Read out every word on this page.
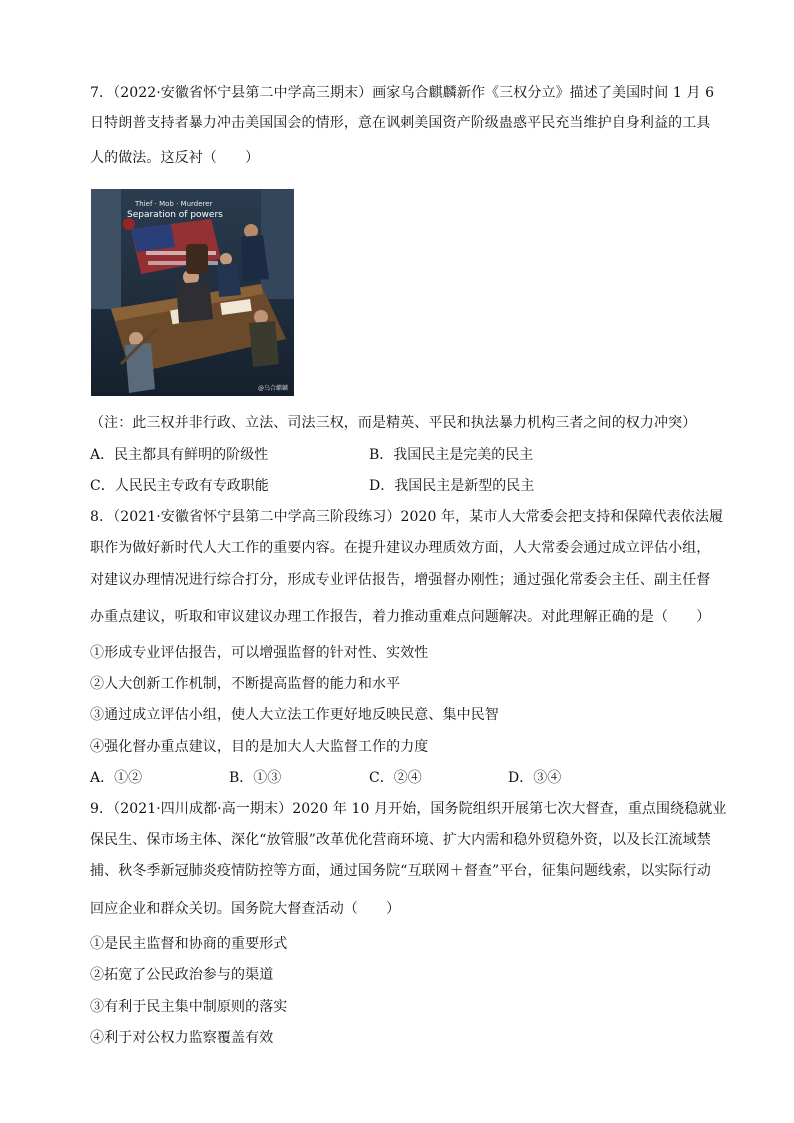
7．（2022·安徽省怀宁县第二中学高三期末）画家乌合麒麟新作《三权分立》描述了美国时间 1 月 6
日特朗普支持者暴力冲击美国国会的情形，意在讽刺美国资产阶级蛊惑平民充当维护自身利益的工具
人的做法。这反衬（　　）
Thief · Mob · Murderer
Separation of powers
@乌合麒麟
（注：此三权并非行政、立法、司法三权，而是精英、平民和执法暴力机构三者之间的权力冲突）
A．民主都具有鲜明的阶级性	B．我国民主是完美的民主
C．人民民主专政有专政职能	D．我国民主是新型的民主
8．（2021·安徽省怀宁县第二中学高三阶段练习）2020 年，某市人大常委会把支持和保障代表依法履
职作为做好新时代人大工作的重要内容。在提升建议办理质效方面，人大常委会通过成立评估小组，
对建议办理情况进行综合打分，形成专业评估报告，增强督办刚性；通过强化常委会主任、副主任督
办重点建议，听取和审议建议办理工作报告，着力推动重难点问题解决。对此理解正确的是（　　）
①形成专业评估报告，可以增强监督的针对性、实效性
②人大创新工作机制，不断提高监督的能力和水平
③通过成立评估小组，使人大立法工作更好地反映民意、集中民智
④强化督办重点建议，目的是加大人大监督工作的力度
A．①②	B．①③	C．②④	D．③④
9．（2021·四川成都·高一期末）2020 年 10 月开始，国务院组织开展第七次大督查，重点围绕稳就业
保民生、保市场主体、深化“放管服”改革优化营商环境、扩大内需和稳外贸稳外资，以及长江流域禁
捕、秋冬季新冠肺炎疫情防控等方面，通过国务院“互联网＋督查”平台，征集问题线索，以实际行动
回应企业和群众关切。国务院大督查活动（　　）
①是民主监督和协商的重要形式
②拓宽了公民政治参与的渠道
③有利于民主集中制原则的落实
④利于对公权力监察覆盖有效
